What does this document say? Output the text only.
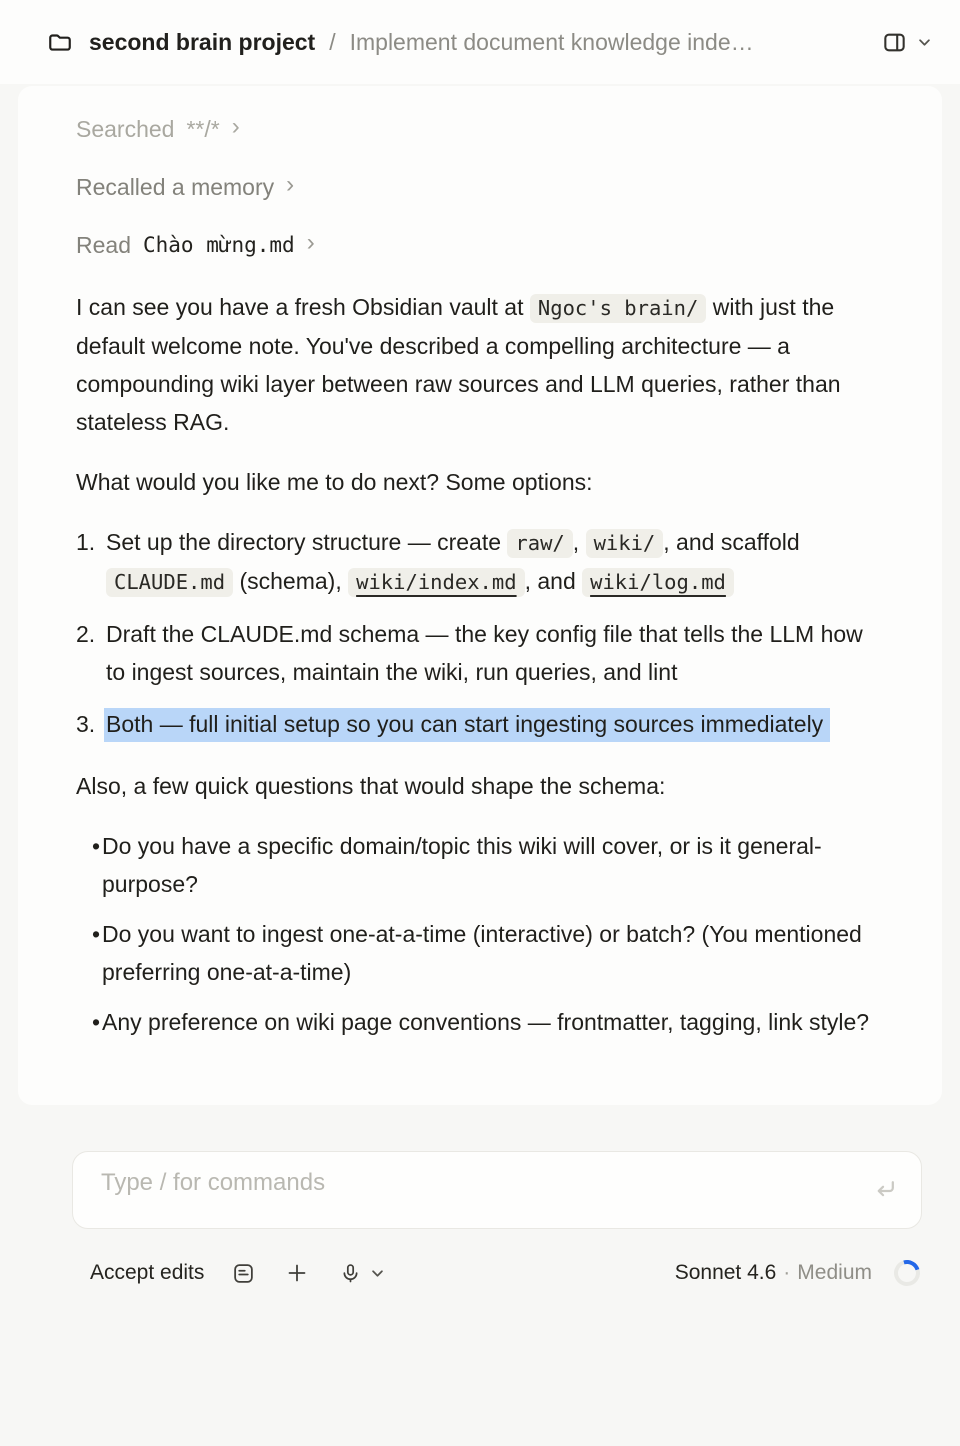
second brain project / Implement document knowledge inde…
Searched **/* ›
Recalled a memory ›
Read Chào mừng.md ›

I can see you have a fresh Obsidian vault at Ngoc's brain/ with just the default welcome note. You've described a compelling architecture — a compounding wiki layer between raw sources and LLM queries, rather than stateless RAG.

What would you like me to do next? Some options:

1. Set up the directory structure — create raw/ , wiki/ , and scaffold CLAUDE.md (schema), wiki/index.md , and wiki/log.md
2. Draft the CLAUDE.md schema — the key config file that tells the LLM how to ingest sources, maintain the wiki, run queries, and lint
3. Both — full initial setup so you can start ingesting sources immediately

Also, a few quick questions that would shape the schema:

• Do you have a specific domain/topic this wiki will cover, or is it general-purpose?
• Do you want to ingest one-at-a-time (interactive) or batch? (You mentioned preferring one-at-a-time)
• Any preference on wiki page conventions — frontmatter, tagging, link style?
Type / for commands
Accept edits	Sonnet 4.6 · Medium
